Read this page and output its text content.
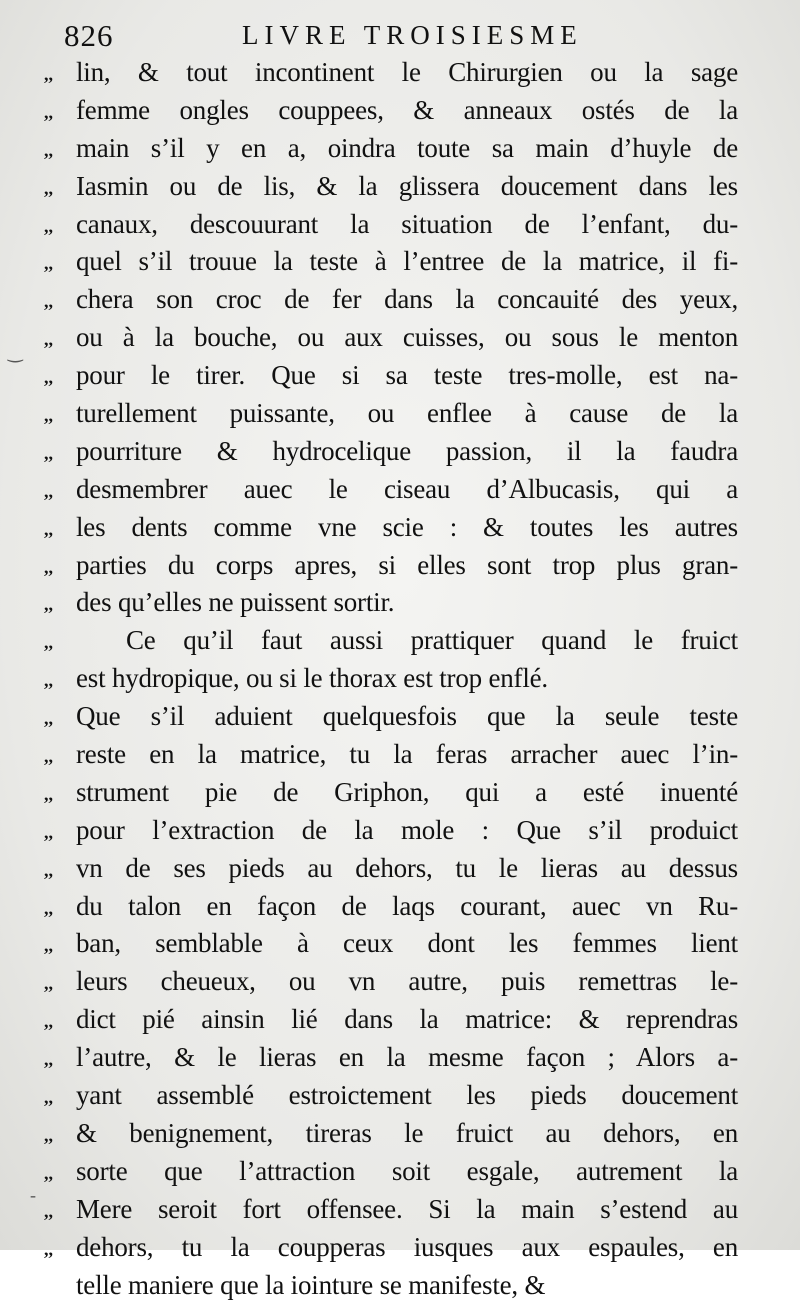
826	LIVRE TROISIESME
,, lin, & tout incontinent le Chirurgien ou la sage
,, femme ongles couppees, & anneaux ostés de la
,, main s’il y en a, oindra toute sa main d’huyle de
,, Iasmin ou de lis, & la glissera doucement dans les
,, canaux, descouurant la situation de l’enfant, du-
,, quel s’il trouue la teste à l’entree de la matrice, il fi-
,, chera son croc de fer dans la concauité des yeux,
,, ou à la bouche, ou aux cuisses, ou sous le menton
,, pour le tirer. Que si sa teste tres-molle, est na-
,, turellement puissante, ou enflee à cause de la
,, pourriture & hydrocelique passion, il la faudra
,, desmembrer auec le ciseau d’Albucasis, qui a
,, les dents comme vne scie : & toutes les autres
,, parties du corps apres, si elles sont trop plus gran-
,, des qu’elles ne puissent sortir.
,,	Ce qu’il faut aussi prattiquer quand le fruict
,, est hydropique, ou si le thorax est trop enflé.
,, Que s’il aduient quelquesfois que la seule teste
,, reste en la matrice, tu la feras arracher auec l’in-
,, strument pie de Griphon, qui a esté inuenté
,, pour l’extraction de la mole : Que s’il produict
,, vn de ses pieds au dehors, tu le lieras au dessus
,, du talon en façon de laqs courant, auec vn Ru-
,, ban, semblable à ceux dont les femmes lient
,, leurs cheueux, ou vn autre, puis remettras le-
,, dict pié ainsin lié dans la matrice: & reprendras
,, l’autre, & le lieras en la mesme façon ; Alors a-
,, yant assemblé estroictement les pieds doucement
,, & benignement, tireras le fruict au dehors, en
,, sorte que l’attraction soit esgale, autrement la
,, Mere seroit fort offensee. Si la main s’estend au
,, dehors, tu la coupperas iusques aux espaules, en
telle maniere que la iointure se manifeste, &
‿
-
